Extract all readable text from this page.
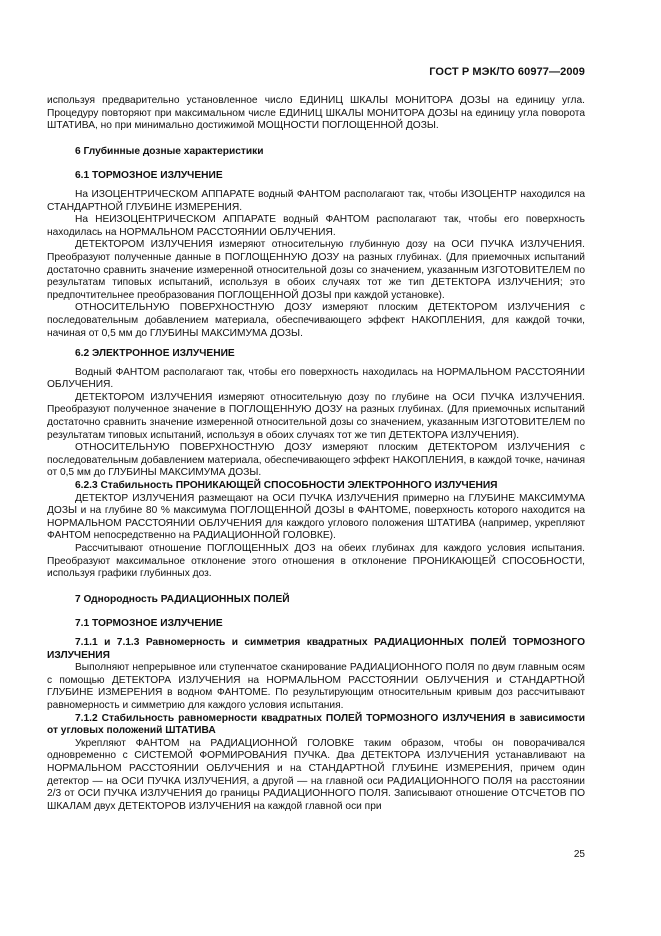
ГОСТ Р МЭК/ТО 60977—2009

используя предварительно установленное число ЕДИНИЦ ШКАЛЫ МОНИТОРА ДОЗЫ на единицу угла. Процедуру повторяют при максимальном числе ЕДИНИЦ ШКАЛЫ МОНИТОРА ДОЗЫ на единицу угла поворота ШТАТИВА, но при минимально достижимой МОЩНОСТИ ПОГЛОЩЕННОЙ ДОЗЫ.

6 Глубинные дозные характеристики

6.1 ТОРМОЗНОЕ ИЗЛУЧЕНИЕ

На ИЗОЦЕНТРИЧЕСКОМ АППАРАТЕ водный ФАНТОМ располагают так, чтобы ИЗОЦЕНТР находился на СТАНДАРТНОЙ ГЛУБИНЕ ИЗМЕРЕНИЯ.

На НЕИЗОЦЕНТРИЧЕСКОМ АППАРАТЕ водный ФАНТОМ располагают так, чтобы его поверхность находилась на НОРМАЛЬНОМ РАССТОЯНИИ ОБЛУЧЕНИЯ.

ДЕТЕКТОРОМ ИЗЛУЧЕНИЯ измеряют относительную глубинную дозу на ОСИ ПУЧКА ИЗЛУЧЕНИЯ. Преобразуют полученные данные в ПОГЛОЩЕННУЮ ДОЗУ на разных глубинах. (Для приемочных испытаний достаточно сравнить значение измеренной относительной дозы со значением, указанным ИЗГОТОВИТЕЛЕМ по результатам типовых испытаний, используя в обоих случаях тот же тип ДЕТЕКТОРА ИЗЛУЧЕНИЯ; это предпочтительнее преобразования ПОГЛОЩЕННОЙ ДОЗЫ при каждой установке).

ОТНОСИТЕЛЬНУЮ ПОВЕРХНОСТНУЮ ДОЗУ измеряют плоским ДЕТЕКТОРОМ ИЗЛУЧЕНИЯ с последовательным добавлением материала, обеспечивающего эффект НАКОПЛЕНИЯ, для каждой точки, начиная от 0,5 мм до ГЛУБИНЫ МАКСИМУМА ДОЗЫ.

6.2 ЭЛЕКТРОННОЕ ИЗЛУЧЕНИЕ

Водный ФАНТОМ располагают так, чтобы его поверхность находилась на НОРМАЛЬНОМ РАССТОЯНИИ ОБЛУЧЕНИЯ.

ДЕТЕКТОРОМ ИЗЛУЧЕНИЯ измеряют относительную дозу по глубине на ОСИ ПУЧКА ИЗЛУЧЕНИЯ. Преобразуют полученное значение в ПОГЛОЩЕННУЮ ДОЗУ на разных глубинах. (Для приемочных испытаний достаточно сравнить значение измеренной относительной дозы со значением, указанным ИЗГОТОВИТЕЛЕМ по результатам типовых испытаний, используя в обоих случаях тот же тип ДЕТЕКТОРА ИЗЛУЧЕНИЯ).

ОТНОСИТЕЛЬНУЮ ПОВЕРХНОСТНУЮ ДОЗУ измеряют плоским ДЕТЕКТОРОМ ИЗЛУЧЕНИЯ с последовательным добавлением материала, обеспечивающего эффект НАКОПЛЕНИЯ, в каждой точке, начиная от 0,5 мм до ГЛУБИНЫ МАКСИМУМА ДОЗЫ.

6.2.3 Стабильность ПРОНИКАЮЩЕЙ СПОСОБНОСТИ ЭЛЕКТРОННОГО ИЗЛУЧЕНИЯ

ДЕТЕКТОР ИЗЛУЧЕНИЯ размещают на ОСИ ПУЧКА ИЗЛУЧЕНИЯ примерно на ГЛУБИНЕ МАКСИМУМА ДОЗЫ и на глубине 80 % максимума ПОГЛОЩЕННОЙ ДОЗЫ в ФАНТОМЕ, поверхность которого находится на НОРМАЛЬНОМ РАССТОЯНИИ ОБЛУЧЕНИЯ для каждого углового положения ШТАТИВА (например, укрепляют ФАНТОМ непосредственно на РАДИАЦИОННОЙ ГОЛОВКЕ).

Рассчитывают отношение ПОГЛОЩЕННЫХ ДОЗ на обеих глубинах для каждого условия испытания. Преобразуют максимальное отклонение этого отношения в отклонение ПРОНИКАЮЩЕЙ СПОСОБНОСТИ, используя графики глубинных доз.

7 Однородность РАДИАЦИОННЫХ ПОЛЕЙ

7.1 ТОРМОЗНОЕ ИЗЛУЧЕНИЕ

7.1.1 и 7.1.3 Равномерность и симметрия квадратных РАДИАЦИОННЫХ ПОЛЕЙ ТОРМОЗНОГО ИЗЛУЧЕНИЯ

Выполняют непрерывное или ступенчатое сканирование РАДИАЦИОННОГО ПОЛЯ по двум главным осям с помощью ДЕТЕКТОРА ИЗЛУЧЕНИЯ на НОРМАЛЬНОМ РАССТОЯНИИ ОБЛУЧЕНИЯ и СТАНДАРТНОЙ ГЛУБИНЕ ИЗМЕРЕНИЯ в водном ФАНТОМЕ. По результирующим относительным кривым доз рассчитывают равномерность и симметрию для каждого условия испытания.

7.1.2 Стабильность равномерности квадратных ПОЛЕЙ ТОРМОЗНОГО ИЗЛУЧЕНИЯ в зависимости от угловых положений ШТАТИВА

Укрепляют ФАНТОМ на РАДИАЦИОННОЙ ГОЛОВКЕ таким образом, чтобы он поворачивался одновременно с СИСТЕМОЙ ФОРМИРОВАНИЯ ПУЧКА. Два ДЕТЕКТОРА ИЗЛУЧЕНИЯ устанавливают на НОРМАЛЬНОМ РАССТОЯНИИ ОБЛУЧЕНИЯ и на СТАНДАРТНОЙ ГЛУБИНЕ ИЗМЕРЕНИЯ, причем один детектор — на ОСИ ПУЧКА ИЗЛУЧЕНИЯ, а другой — на главной оси РАДИАЦИОННОГО ПОЛЯ на расстоянии 2/3 от ОСИ ПУЧКА ИЗЛУЧЕНИЯ до границы РАДИАЦИОННОГО ПОЛЯ. Записывают отношение ОТСЧЕТОВ ПО ШКАЛАМ двух ДЕТЕКТОРОВ ИЗЛУЧЕНИЯ на каждой главной оси при

25
